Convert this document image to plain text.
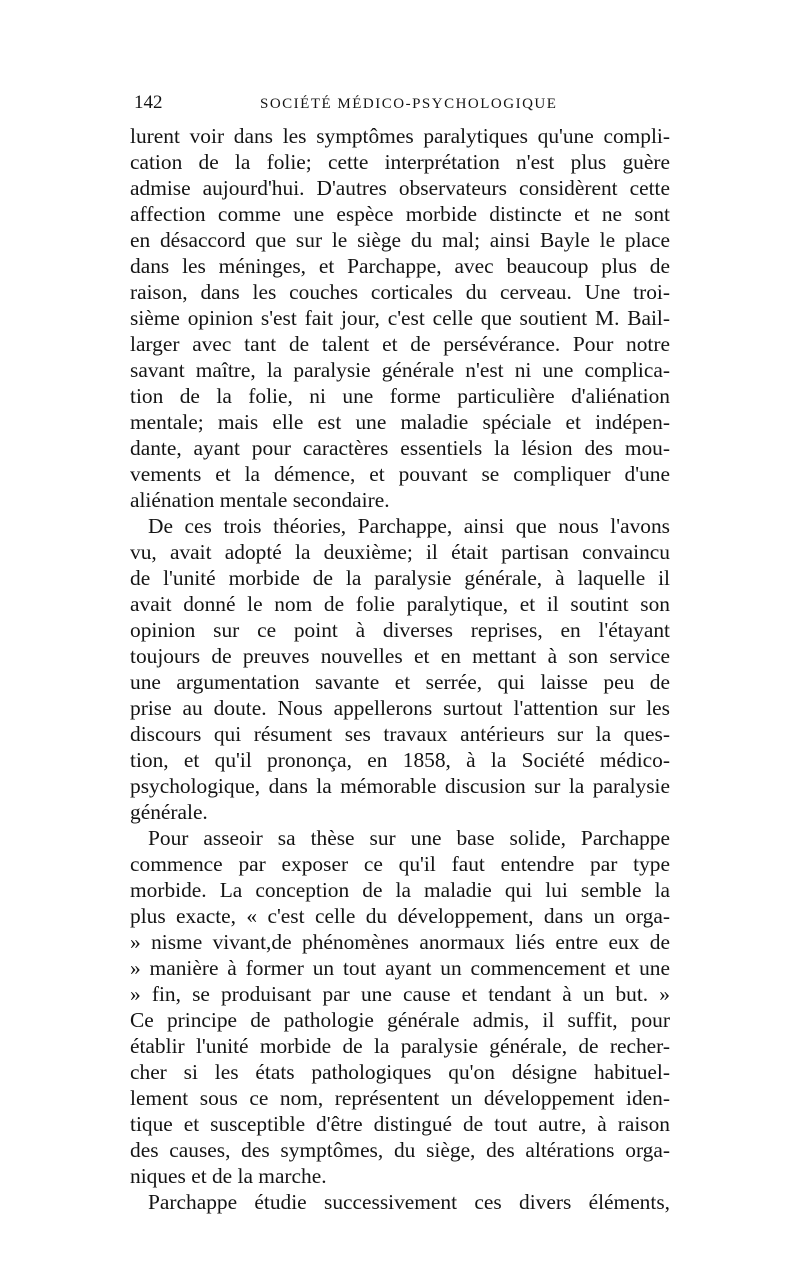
142	SOCIÉTÉ MÉDICO-PSYCHOLOGIQUE
lurent voir dans les symptômes paralytiques qu'une compli-
cation de la folie; cette interprétation n'est plus guère
admise aujourd'hui. D'autres observateurs considèrent cette
affection comme une espèce morbide distincte et ne sont
en désaccord que sur le siège du mal; ainsi Bayle le place
dans les méninges, et Parchappe, avec beaucoup plus de
raison, dans les couches corticales du cerveau. Une troi-
sième opinion s'est fait jour, c'est celle que soutient M. Bail-
larger avec tant de talent et de persévérance. Pour notre
savant maître, la paralysie générale n'est ni une complica-
tion de la folie, ni une forme particulière d'aliénation
mentale; mais elle est une maladie spéciale et indépen-
dante, ayant pour caractères essentiels la lésion des mou-
vements et la démence, et pouvant se compliquer d'une
aliénation mentale secondaire.
De ces trois théories, Parchappe, ainsi que nous l'avons
vu, avait adopté la deuxième; il était partisan convaincu
de l'unité morbide de la paralysie générale, à laquelle il
avait donné le nom de folie paralytique, et il soutint son
opinion sur ce point à diverses reprises, en l'étayant
toujours de preuves nouvelles et en mettant à son service
une argumentation savante et serrée, qui laisse peu de
prise au doute. Nous appellerons surtout l'attention sur les
discours qui résument ses travaux antérieurs sur la ques-
tion, et qu'il prononça, en 1858, à la Société médico-
psychologique, dans la mémorable discusion sur la paralysie
générale.
Pour asseoir sa thèse sur une base solide, Parchappe
commence par exposer ce qu'il faut entendre par type
morbide. La conception de la maladie qui lui semble la
plus exacte, « c'est celle du développement, dans un orga-
» nisme vivant,de phénomènes anormaux liés entre eux de
» manière à former un tout ayant un commencement et une
» fin, se produisant par une cause et tendant à un but. »
Ce principe de pathologie générale admis, il suffit, pour
établir l'unité morbide de la paralysie générale, de recher-
cher si les états pathologiques qu'on désigne habituel-
lement sous ce nom, représentent un développement iden-
tique et susceptible d'être distingué de tout autre, à raison
des causes, des symptômes, du siège, des altérations orga-
niques et de la marche.
Parchappe étudie successivement ces divers éléments,
